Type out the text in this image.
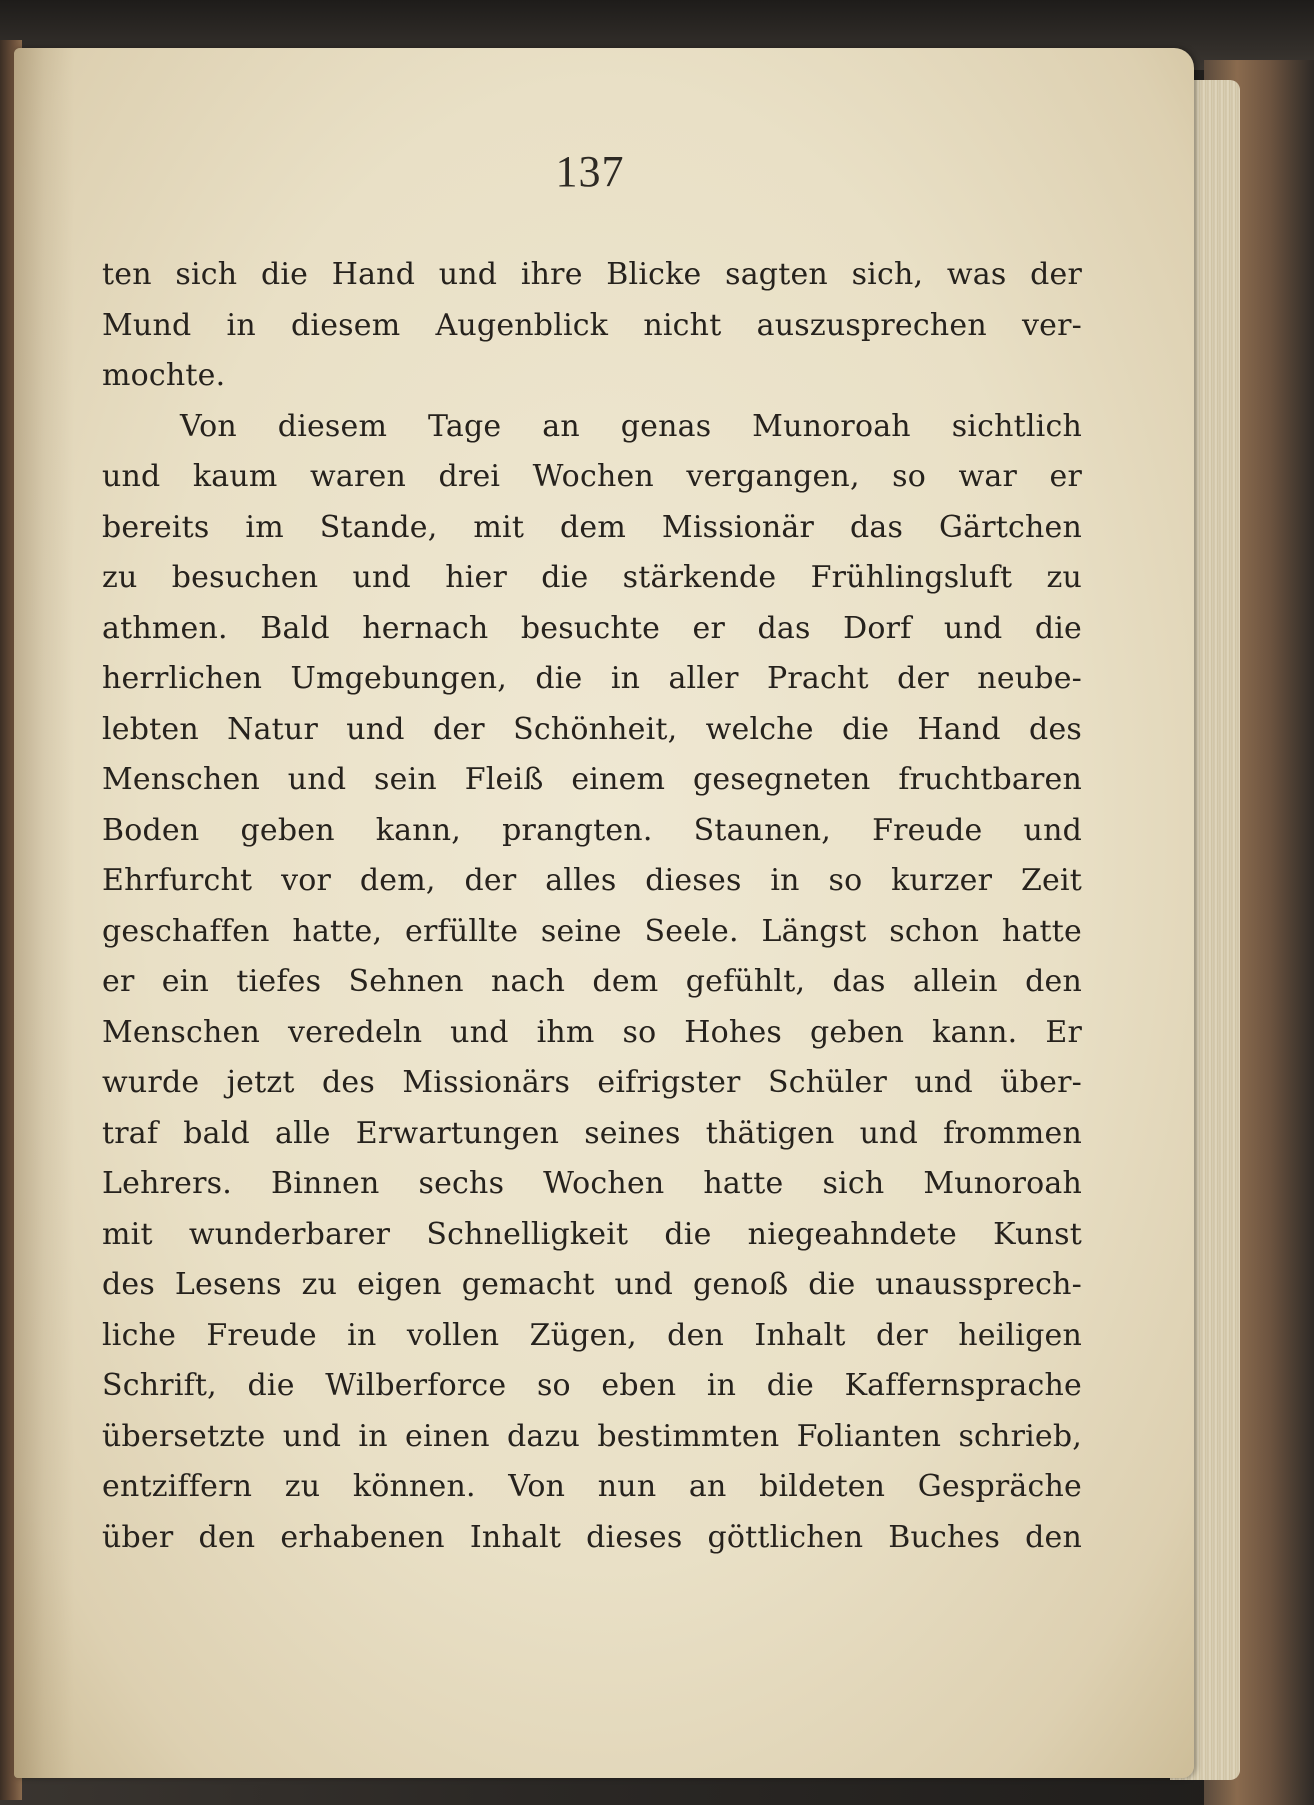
137
ten sich die Hand und ihre Blicke sagten sich, was der
Mund in diesem Augenblick nicht auszusprechen ver-
mochte.
Von diesem Tage an genas Munoroah sichtlich
und kaum waren drei Wochen vergangen, so war er
bereits im Stande, mit dem Missionär das Gärtchen
zu besuchen und hier die stärkende Frühlingsluft zu
athmen. Bald hernach besuchte er das Dorf und die
herrlichen Umgebungen, die in aller Pracht der neube-
lebten Natur und der Schönheit, welche die Hand des
Menschen und sein Fleiß einem gesegneten fruchtbaren
Boden geben kann, prangten. Staunen, Freude und
Ehrfurcht vor dem, der alles dieses in so kurzer Zeit
geschaffen hatte, erfüllte seine Seele. Längst schon hatte
er ein tiefes Sehnen nach dem gefühlt, das allein den
Menschen veredeln und ihm so Hohes geben kann. Er
wurde jetzt des Missionärs eifrigster Schüler und über-
traf bald alle Erwartungen seines thätigen und frommen
Lehrers. Binnen sechs Wochen hatte sich Munoroah
mit wunderbarer Schnelligkeit die niegeahndete Kunst
des Lesens zu eigen gemacht und genoß die unaussprech-
liche Freude in vollen Zügen, den Inhalt der heiligen
Schrift, die Wilberforce so eben in die Kaffernsprache
übersetzte und in einen dazu bestimmten Folianten schrieb,
entziffern zu können. Von nun an bildeten Gespräche
über den erhabenen Inhalt dieses göttlichen Buches den
